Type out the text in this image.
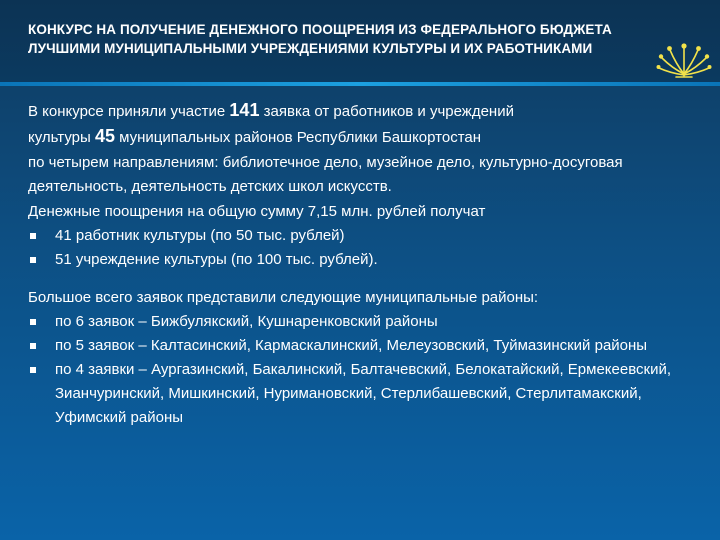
КОНКУРС НА ПОЛУЧЕНИЕ ДЕНЕЖНОГО ПООЩРЕНИЯ ИЗ ФЕДЕРАЛЬНОГО БЮДЖЕТА
ЛУЧШИМИ МУНИЦИПАЛЬНЫМИ УЧРЕЖДЕНИЯМИ КУЛЬТУРЫ И ИХ РАБОТНИКАМИ

В конкурсе приняли участие 141 заявка от работников и учреждений

культуры 45 муниципальных районов Республики Башкортостан

по четырем направлениям: библиотечное дело, музейное дело, культурно-досуговая деятельность, деятельность детских школ искусств.

Денежные поощрения на общую сумму 7,15 млн. рублей получат

41 работник культуры (по 50 тыс. рублей)
51 учреждение культуры (по 100 тыс. рублей).

Большое всего заявок представили следующие муниципальные районы:

по 6 заявок – Бижбулякский, Кушнаренковский районы
по 5 заявок – Калтасинский, Кармаскалинский, Мелеузовский, Туймазинский районы
по 4 заявки – Аургазинский, Бакалинский, Балтачевский, Белокатайский, Ермекеевский, Зианчуринский, Мишкинский, Нуримановский, Стерлибашевский, Стерлитамакский, Уфимский районы
